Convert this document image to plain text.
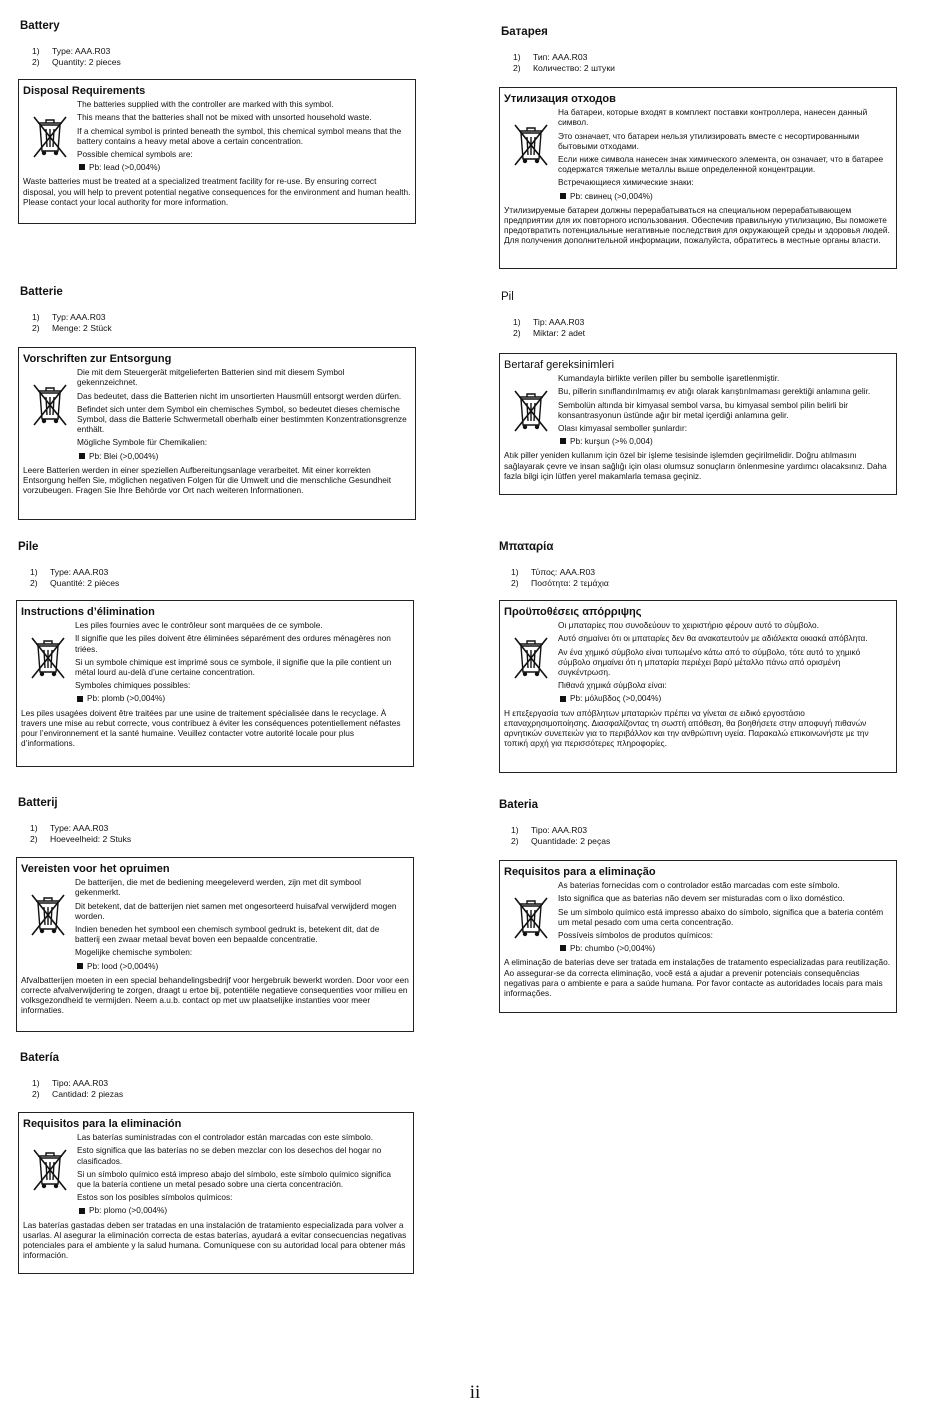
Battery
1)	Type: AAA.R03
2)	Quantity: 2 pieces
Disposal Requirements

The batteries supplied with the controller are marked with this symbol.

This means that the batteries shall not be mixed with unsorted household waste.

If a chemical symbol is printed beneath the symbol, this chemical symbol means that the battery contains a heavy metal above a certain concentration.

Possible chemical symbols are:

Pb: lead (>0,004%)
Waste batteries must be treated at a specialized treatment facility for re-use. By ensuring correct disposal, you will help to prevent potential negative consequences for the environment and human health. Please contact your local authority for more information.
Батарея
1)	Тип: AAA.R03
2)	Количество: 2 штуки
Утилизация отходов

На батареи, которые входят в комплект поставки контроллера, нанесен данный символ.

Это означает, что батареи нельзя утилизировать вместе с несортированными бытовыми отходами.

Если ниже символа нанесен знак химического элемента, он означает, что в батарее содержатся тяжелые металлы выше определенной концентрации.

Встречающиеся химические знаки:

Pb: свинец (>0,004%)
Утилизируемые батареи должны перерабатываться на специальном перерабатывающем предприятии для их повторного использования. Обеспечив правильную утилизацию, Вы поможете предотвратить потенциальные негативные последствия для окружающей среды и здоровья людей. Для получения дополнительной информации, пожалуйста, обратитесь в местные органы власти.
Batterie
1)	Typ: AAA.R03
2)	Menge: 2 Stück
Vorschriften zur Entsorgung

Die mit dem Steuergerät mitgelieferten Batterien sind mit diesem Symbol gekennzeichnet.

Das bedeutet, dass die Batterien nicht im unsortierten Hausmüll entsorgt werden dürfen.

Befindet sich unter dem Symbol ein chemisches Symbol, so bedeutet dieses chemische Symbol, dass die Batterie Schwermetall oberhalb einer bestimmten Konzentrationsgrenze enthält.

Mögliche Symbole für Chemikalien:

Pb: Blei (>0,004%)
Leere Batterien werden in einer speziellen Aufbereitungsanlage verarbeitet. Mit einer korrekten Entsorgung helfen Sie, möglichen negativen Folgen für die Umwelt und die menschliche Gesundheit vorzubeugen. Fragen Sie Ihre Behörde vor Ort nach weiteren Informationen.
Pil
1)	Tip: AAA.R03
2)	Miktar: 2 adet
Bertaraf gereksinimleri

Kumandayla birlikte verilen piller bu sembolle işaretlenmiştir.

Bu, pillerin sınıflandırılmamış ev atığı olarak karıştırılmaması gerektiği anlamına gelir.

Sembolün altında bir kimyasal sembol varsa, bu kimyasal sembol pilin belirli bir konsantrasyonun üstünde ağır bir metal içerdiği anlamına gelir.

Olası kimyasal semboller şunlardır:

Pb: kurşun (>% 0,004)
Atık piller yeniden kullanım için özel bir işleme tesisinde işlemden geçirilmelidir. Doğru atılmasını sağlayarak çevre ve insan sağlığı için olası olumsuz sonuçların önlenmesine yardımcı olacaksınız. Daha fazla bilgi için lütfen yerel makamlarla temasa geçiniz.
Pile
1)	Type: AAA.R03
2)	Quantité: 2 pièces
Instructions d’élimination

Les piles fournies avec le contrôleur sont marquées de ce symbole.

Il signifie que les piles doivent être éliminées séparément des ordures ménagères non triées.

Si un symbole chimique est imprimé sous ce symbole, il signifie que la pile contient un métal lourd au-delà d’une certaine concentration.

Symboles chimiques possibles:

Pb: plomb (>0,004%)
Les piles usagées doivent être traitées par une usine de traitement spécialisée dans le recyclage. À travers une mise au rebut correcte, vous contribuez à éviter les conséquences potentiellement néfastes pour l’environnement et la santé humaine. Veuillez contacter votre autorité locale pour plus d’informations.
Μπαταρία
1)	Τύπος: AAA.R03
2)	Ποσότητα: 2 τεμάχια
Προϋποθέσεις απόρριψης

Οι μπαταρίες που συνοδεύουν το χειριστήριο φέρουν αυτό το σύμβολο.

Αυτό σημαίνει ότι οι μπαταρίες δεν θα ανακατευτούν με αδιάλεκτα οικιακά απόβλητα.

Αν ένα χημικό σύμβολο είναι τυπωμένο κάτω από το σύμβολο, τότε αυτό το χημικό σύμβολο σημαίνει ότι η μπαταρία περιέχει βαρύ μέταλλο πάνω από ορισμένη συγκέντρωση.

Πιθανά χημικά σύμβολα είναι:

Pb: μόλυβδος (>0,004%)
Η επεξεργασία των απόβλητων μπαταριών πρέπει να γίνεται σε ειδικό εργοστάσιο επαναχρησιμοποίησης. Διασφαλίζοντας τη σωστή απόθεση, θα βοηθήσετε στην αποφυγή πιθανών αρνητικών συνεπειών για το περιβάλλον και την ανθρώπινη υγεία. Παρακαλώ επικοινωνήστε με την τοπική αρχή για περισσότερες πληροφορίες.
Batterij
1)	Type: AAA.R03
2)	Hoeveelheid: 2 Stuks
Vereisten voor het opruimen

De batterijen, die met de bediening meegeleverd werden, zijn met dit symbool gekenmerkt.

Dit betekent, dat de batterijen niet samen met ongesorteerd huisafval verwijderd mogen worden.

Indien beneden het symbool een chemisch symbool gedrukt is, betekent dit, dat de batterij een zwaar metaal bevat boven een bepaalde concentratie.

Mogelijke chemische symbolen:

Pb: lood (>0,004%)
Afvalbatterijen moeten in een special behandelingsbedrijf voor hergebruik bewerkt worden. Door voor een correcte afvalverwijdering te zorgen, draagt u ertoe bij, potentiële negatieve consequenties voor milieu en volksgezondheid te vermijden. Neem a.u.b. contact op met uw plaatselijke instanties voor meer informaties.
Bateria
1)	Tipo: AAA.R03
2)	Quantidade: 2 peças
Requisitos para a eliminação

As baterias fornecidas com o controlador estão marcadas com este símbolo.

Isto significa que as baterias não devem ser misturadas com o lixo doméstico.

Se um símbolo químico está impresso abaixo do símbolo, significa que a bateria contém um metal pesado com uma certa concentração.

Possíveis símbolos de produtos químicos:

Pb: chumbo (>0,004%)
A eliminação de baterias deve ser tratada em instalações de tratamento especializadas para reutilização. Ao assegurar-se da correcta eliminação, você está a ajudar a prevenir potenciais consequências negativas para o ambiente e para a saúde humana. Por favor contacte as autoridades locais para mais informações.
Batería
1)	Tipo: AAA.R03
2)	Cantidad: 2 piezas
Requisitos para la eliminación

Las baterías suministradas con el controlador están marcadas con este símbolo.

Esto significa que las baterías no se deben mezclar con los desechos del hogar no clasificados.

Si un símbolo químico está impreso abajo del símbolo, este símbolo químico significa que la batería contiene un metal pesado sobre una cierta concentración.

Estos son los posibles símbolos químicos:

Pb: plomo (>0,004%)
Las baterías gastadas deben ser tratadas en una instalación de tratamiento especializada para volver a usarlas. Al asegurar la eliminación correcta de estas baterías, ayudará a evitar consecuencias negativas potenciales para el ambiente y la salud humana. Comuníquese con su autoridad local para obtener más información.
ii
